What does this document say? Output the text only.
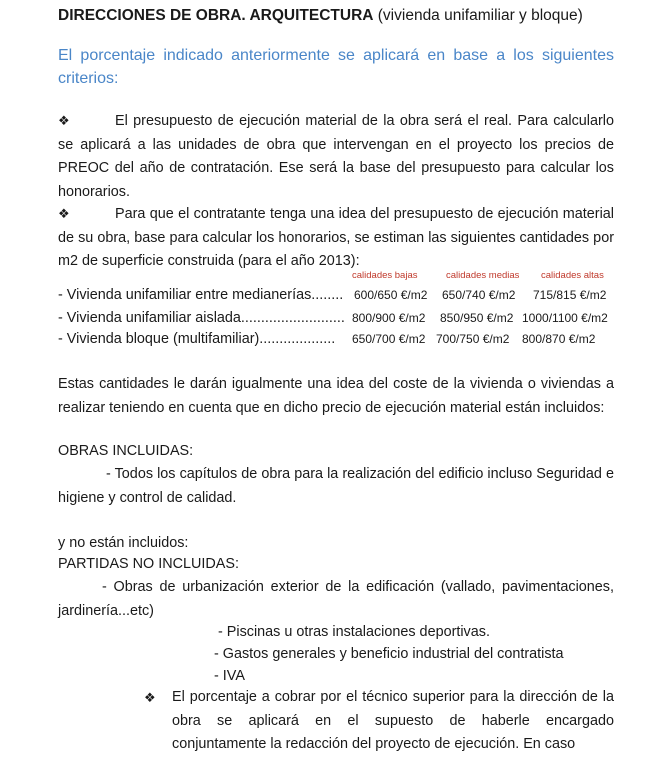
DIRECCIONES DE OBRA. ARQUITECTURA (vivienda unifamiliar y bloque)
El porcentaje indicado anteriormente se aplicará en base a los siguientes criterios:
❖	El presupuesto de ejecución material de la obra será el real. Para calcularlo se aplicará a las unidades de obra que intervengan en el proyecto los precios de PREOC del año de contratación. Ese será la base del presupuesto para calcular los honorarios.
❖	Para que el contratante tenga una idea del presupuesto de ejecución material de su obra, base para calcular los honorarios, se estiman las siguientes cantidades por m2 de superficie construida (para el año 2013):
calidades bajas	calidades medias calidades altas
- Vivienda unifamiliar entre medianerías........ 600/650 €/m2 650/740 €/m2 715/815 €/m2
- Vivienda unifamiliar aislada.......................... 800/900 €/m2 850/950 €/m2 1000/1100 €/m2
- Vivienda bloque (multifamiliar)................... 650/700 €/m2 700/750 €/m2 800/870 €/m2
Estas cantidades le darán igualmente una idea del coste de la vivienda o viviendas a realizar teniendo en cuenta que en dicho precio de ejecución material están incluidos:
OBRAS INCLUIDAS:
- Todos los capítulos de obra para la realización del edificio incluso Seguridad e higiene y control de calidad.
y no están incluidos:
PARTIDAS NO INCLUIDAS:
- Obras de urbanización exterior de la edificación (vallado, pavimentaciones, jardinería...etc)
- Piscinas u otras instalaciones deportivas.
- Gastos generales y beneficio industrial del contratista
- IVA
❖ El porcentaje a cobrar por el técnico superior para la dirección de la obra se aplicará en el supuesto de haberle encargado conjuntamente la redacción del proyecto de ejecución. En caso
